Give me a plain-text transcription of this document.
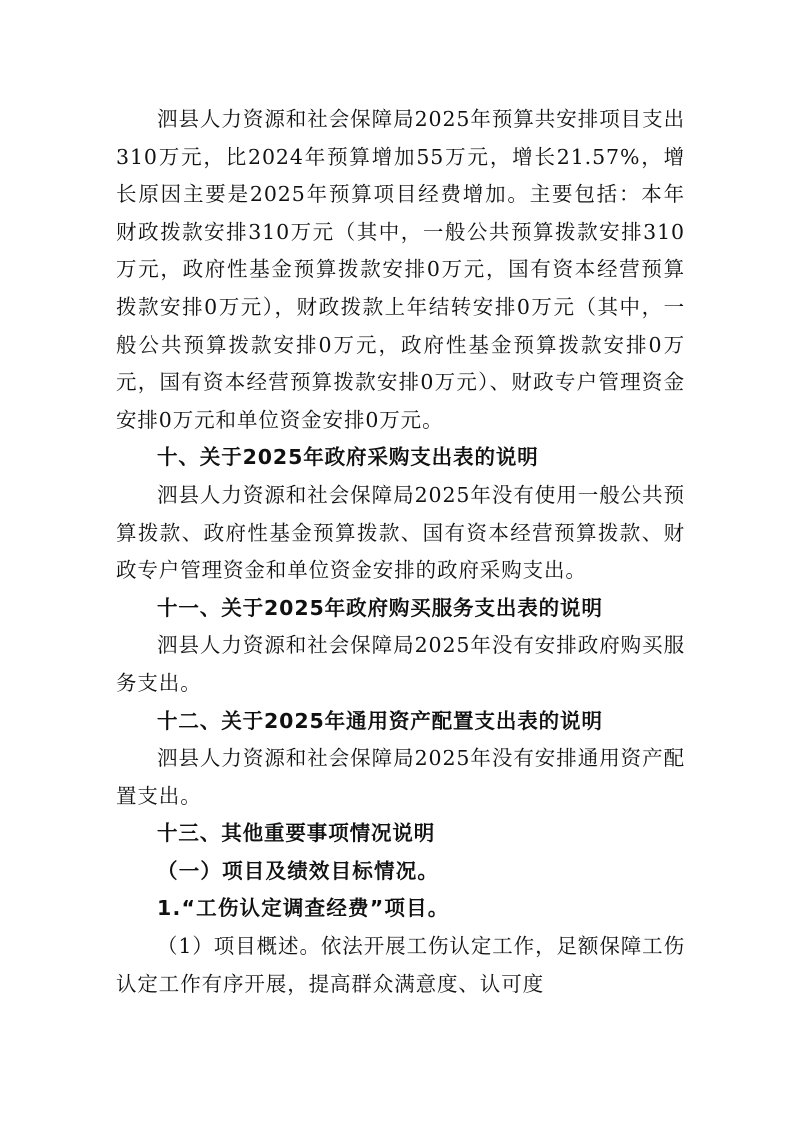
泗县人力资源和社会保障局2025年预算共安排项目支出310万元，比2024年预算增加55万元，增长21.57%，增长原因主要是2025年预算项目经费增加。主要包括：本年财政拨款安排310万元（其中，一般公共预算拨款安排310万元，政府性基金预算拨款安排0万元，国有资本经营预算拨款安排0万元），财政拨款上年结转安排0万元（其中，一般公共预算拨款安排0万元，政府性基金预算拨款安排0万元，国有资本经营预算拨款安排0万元）、财政专户管理资金安排0万元和单位资金安排0万元。

十、关于2025年政府采购支出表的说明

泗县人力资源和社会保障局2025年没有使用一般公共预算拨款、政府性基金预算拨款、国有资本经营预算拨款、财政专户管理资金和单位资金安排的政府采购支出。

十一、关于2025年政府购买服务支出表的说明

泗县人力资源和社会保障局2025年没有安排政府购买服务支出。

十二、关于2025年通用资产配置支出表的说明

泗县人力资源和社会保障局2025年没有安排通用资产配置支出。

十三、其他重要事项情况说明

（一）项目及绩效目标情况。

1.“工伤认定调查经费”项目。

（1）项目概述。依法开展工伤认定工作，足额保障工伤认定工作有序开展，提高群众满意度、认可度
